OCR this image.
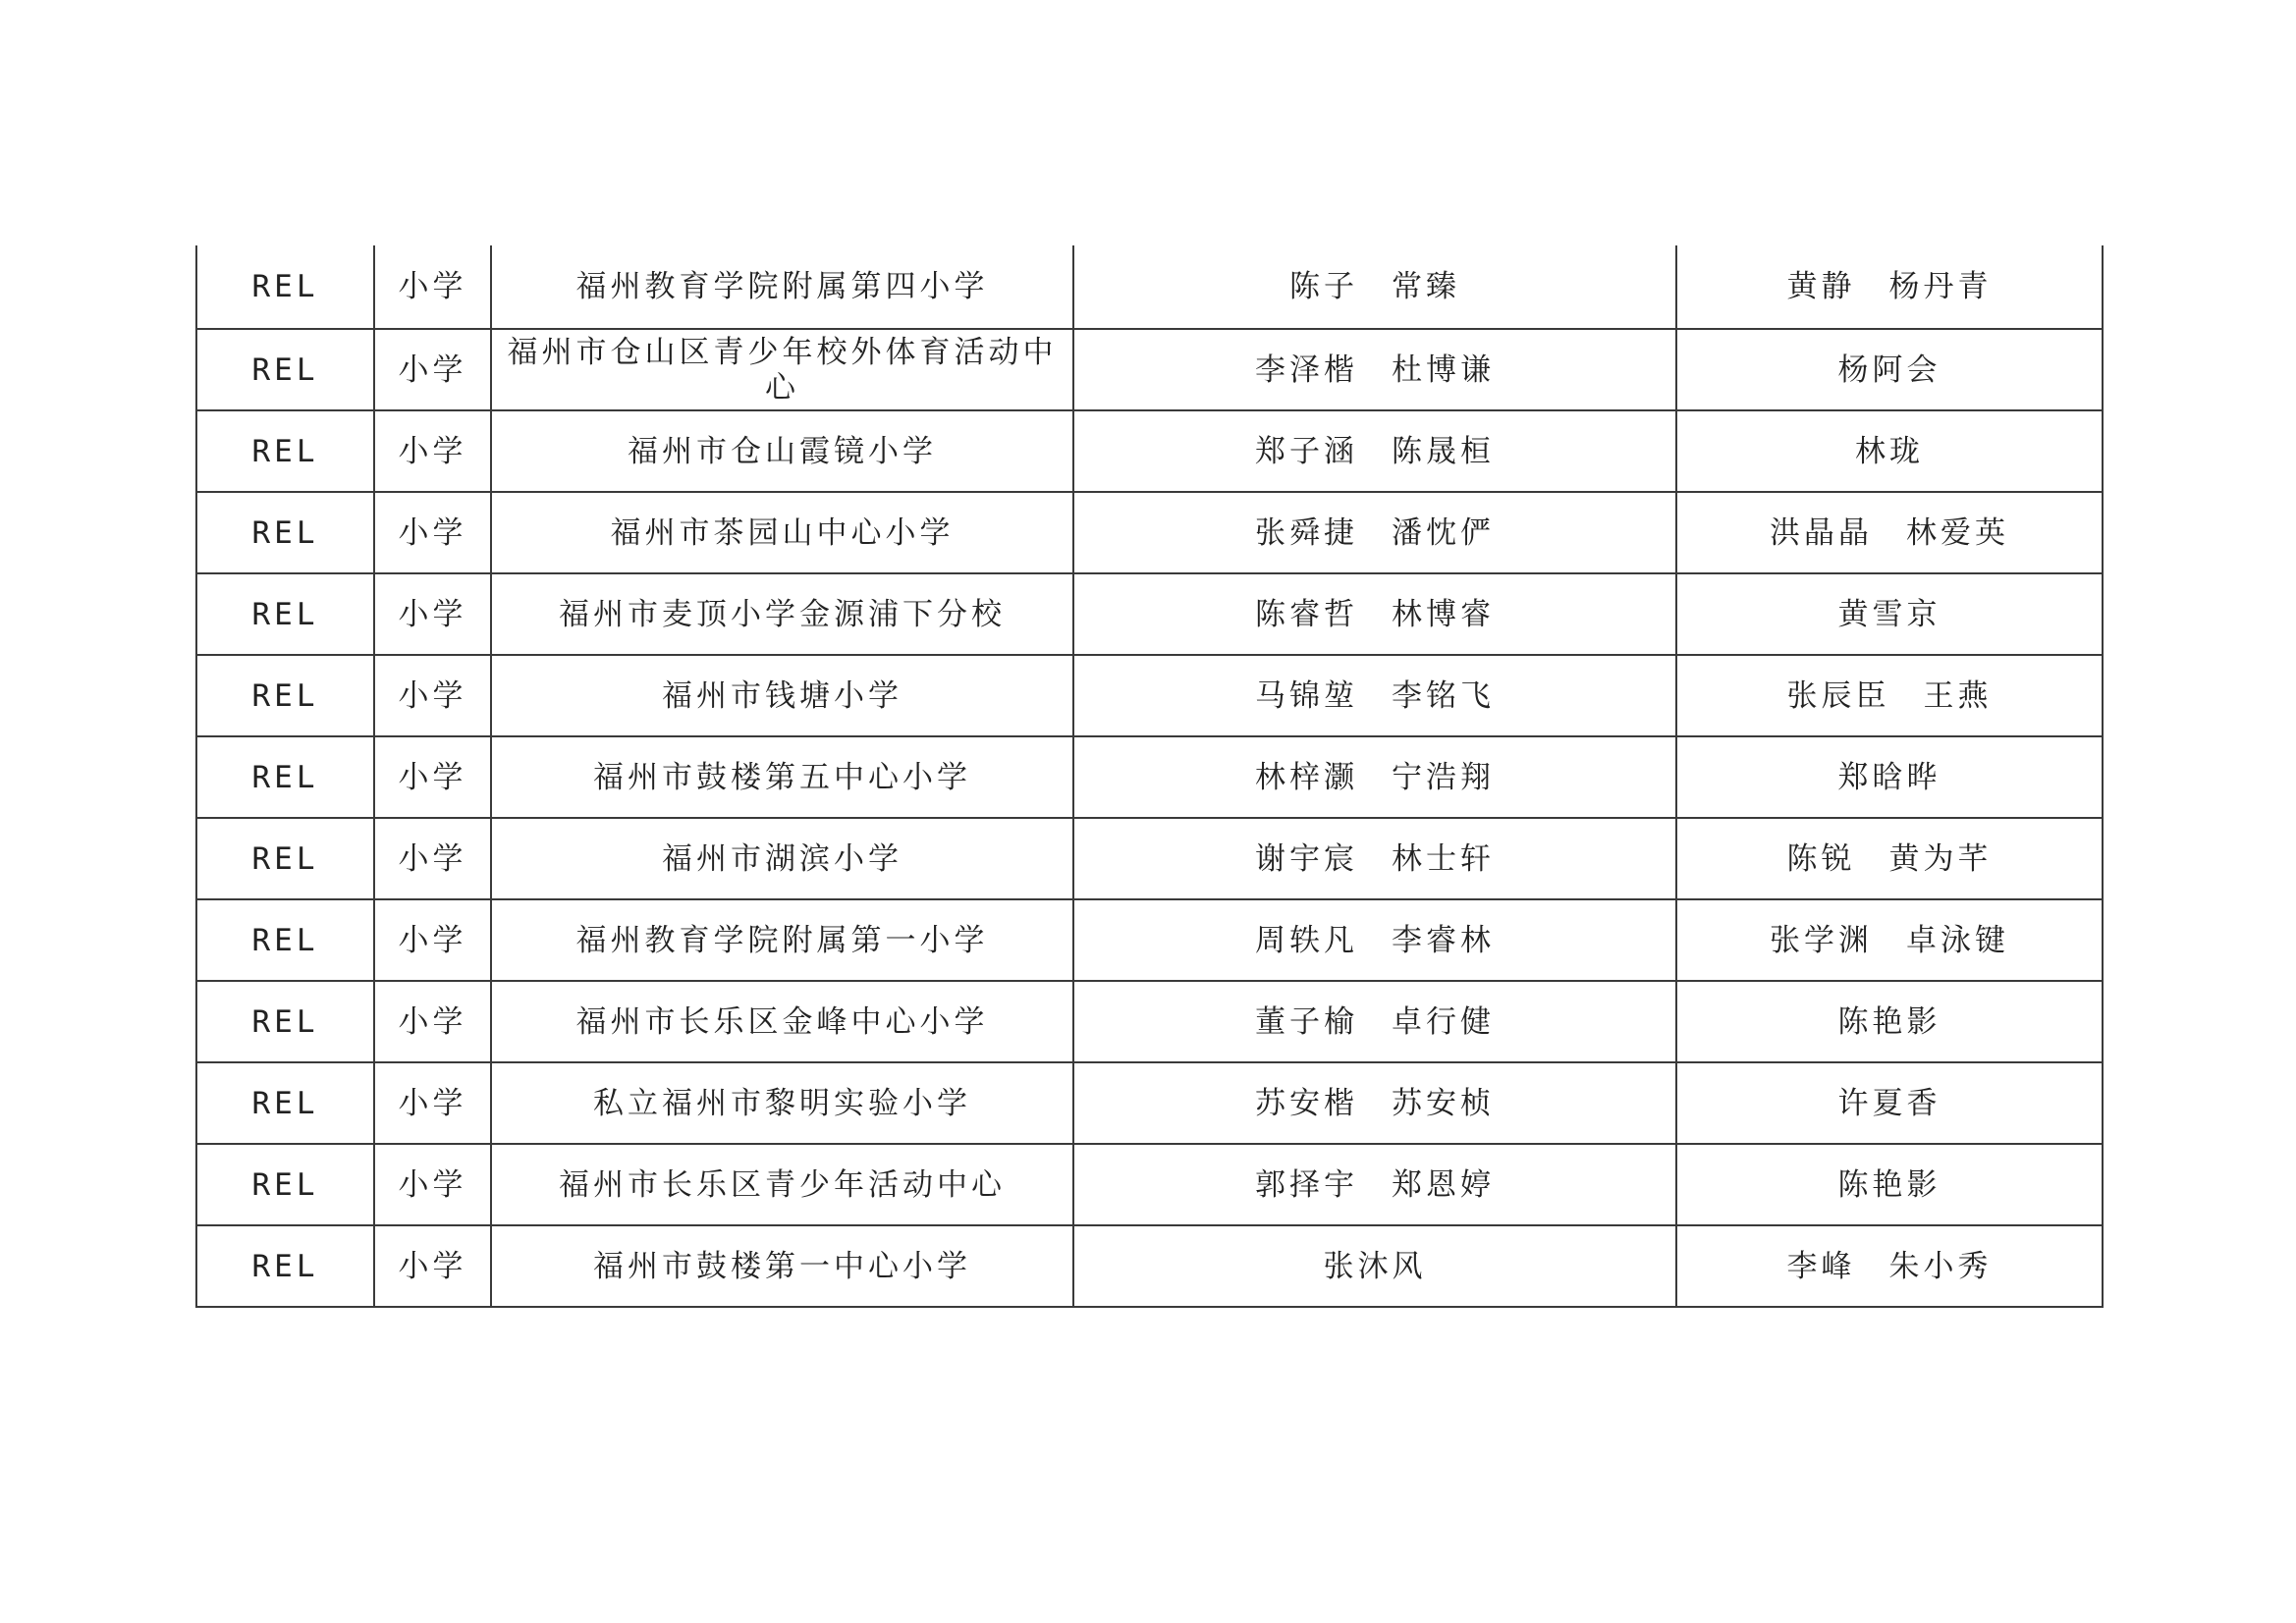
REL	小学	福州教育学院附属第四小学	陈子 常臻	黄静 杨丹青
REL	小学	福州市仓山区青少年校外体育活动中心	李泽楷 杜博谦	杨阿会
REL	小学	福州市仓山霞镜小学	郑子涵 陈晟桓	林珑
REL	小学	福州市茶园山中心小学	张舜捷 潘忱俨	洪晶晶 林爱英
REL	小学	福州市麦顶小学金源浦下分校	陈睿哲 林博睿	黄雪京
REL	小学	福州市钱塘小学	马锦堃 李铭飞	张辰臣 王燕
REL	小学	福州市鼓楼第五中心小学	林梓灏 宁浩翔	郑晗晔
REL	小学	福州市湖滨小学	谢宇宸 林士轩	陈锐 黄为芊
REL	小学	福州教育学院附属第一小学	周轶凡 李睿林	张学渊 卓泳键
REL	小学	福州市长乐区金峰中心小学	董子榆 卓行健	陈艳影
REL	小学	私立福州市黎明实验小学	苏安楷 苏安桢	许夏香
REL	小学	福州市长乐区青少年活动中心	郭择宇 郑恩婷	陈艳影
REL	小学	福州市鼓楼第一中心小学	张沐风	李峰 朱小秀
